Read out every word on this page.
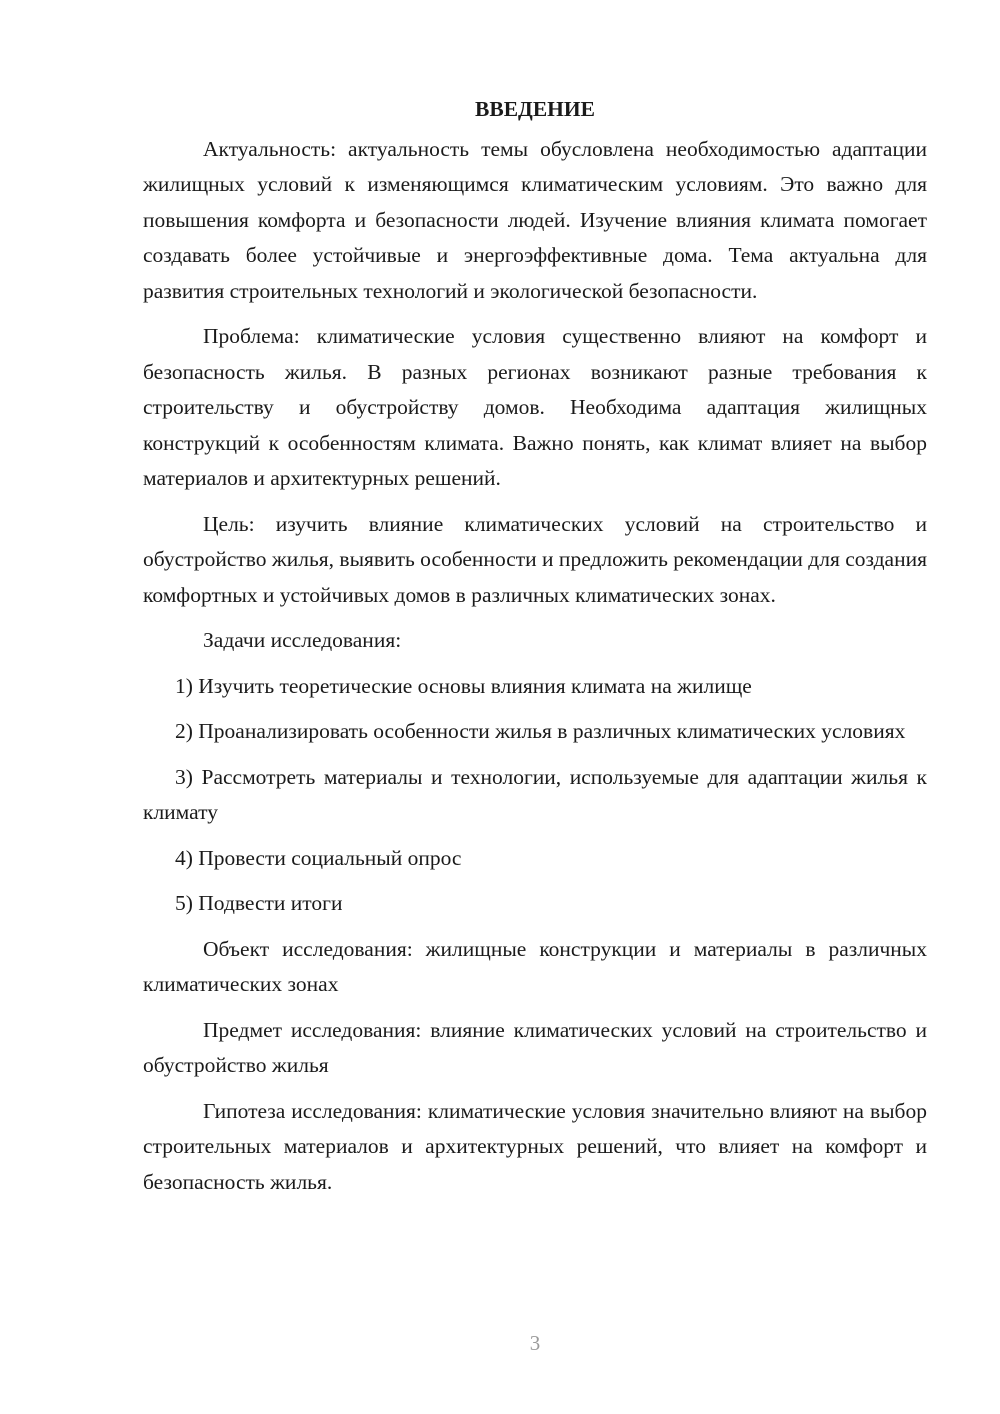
ВВЕДЕНИЕ

Актуальность: актуальность темы обусловлена необходимостью адаптации жилищных условий к изменяющимся климатическим условиям. Это важно для повышения комфорта и безопасности людей. Изучение влияния климата помогает создавать более устойчивые и энергоэффективные дома. Тема актуальна для развития строительных технологий и экологической безопасности.

Проблема: климатические условия существенно влияют на комфорт и безопасность жилья. В разных регионах возникают разные требования к строительству и обустройству домов. Необходима адаптация жилищных конструкций к особенностям климата. Важно понять, как климат влияет на выбор материалов и архитектурных решений.

Цель: изучить влияние климатических условий на строительство и обустройство жилья, выявить особенности и предложить рекомендации для создания комфортных и устойчивых домов в различных климатических зонах.

Задачи исследования:

1) Изучить теоретические основы влияния климата на жилище

2) Проанализировать особенности жилья в различных климатических условиях

3) Рассмотреть материалы и технологии, используемые для адаптации жилья к климату

4) Провести социальный опрос

5) Подвести итоги

Объект исследования: жилищные конструкции и материалы в различных климатических зонах

Предмет исследования: влияние климатических условий на строительство и обустройство жилья

Гипотеза исследования: климатические условия значительно влияют на выбор строительных материалов и архитектурных решений, что влияет на комфорт и безопасность жилья.

3
